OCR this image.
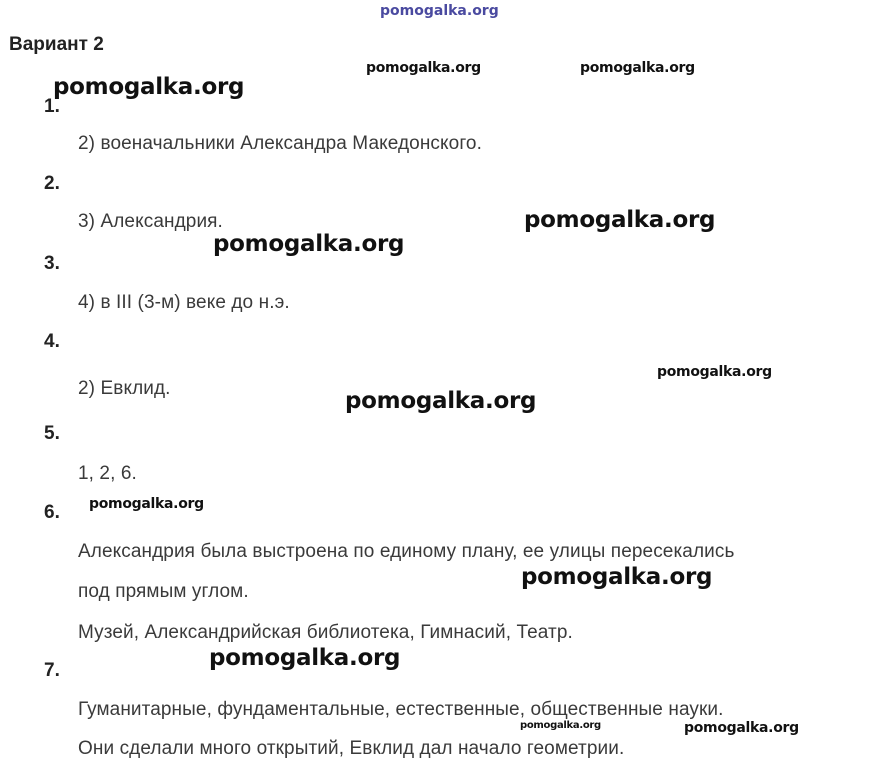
pomogalka.org
Вариант 2
1.
2) военачальники Александра Македонского.
2.
3) Александрия.
3.
4) в III (3-м) веке до н.э.
4.
2) Евклид.
5.
1, 2, 6.
6.
Александрия была выстроена по единому плану, ее улицы пересекались
под прямым углом.
Музей, Александрийская библиотека, Гимнасий, Театр.
7.
Гуманитарные, фундаментальные, естественные, общественные науки.
Они сделали много открытий, Евклид дал начало геометрии.
pomogalka.org	pomogalka.org
pomogalka.org
pomogalka.org
pomogalka.org
pomogalka.org
pomogalka.org
pomogalka.org
pomogalka.org
pomogalka.org
pomogalka.org	pomogalka.org
